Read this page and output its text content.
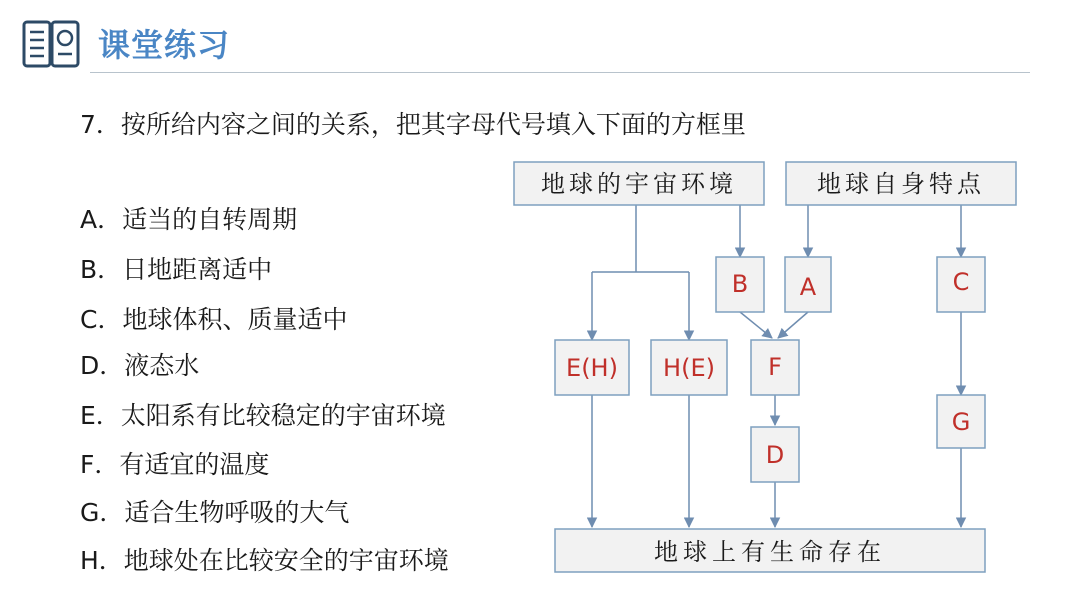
课堂练习
7．按所给内容之间的关系，把其字母代号填入下面的方框里
A．适当的自转周期
B．日地距离适中
C．地球体积、质量适中
D．液态水
E．太阳系有比较稳定的宇宙环境
F．有适宜的温度
G．适合生物呼吸的大气
H．地球处在比较安全的宇宙环境
地球的宇宙环境	地球自身特点
E(H) H(E)
B A
F
D
C
G
地球上有生命存在
